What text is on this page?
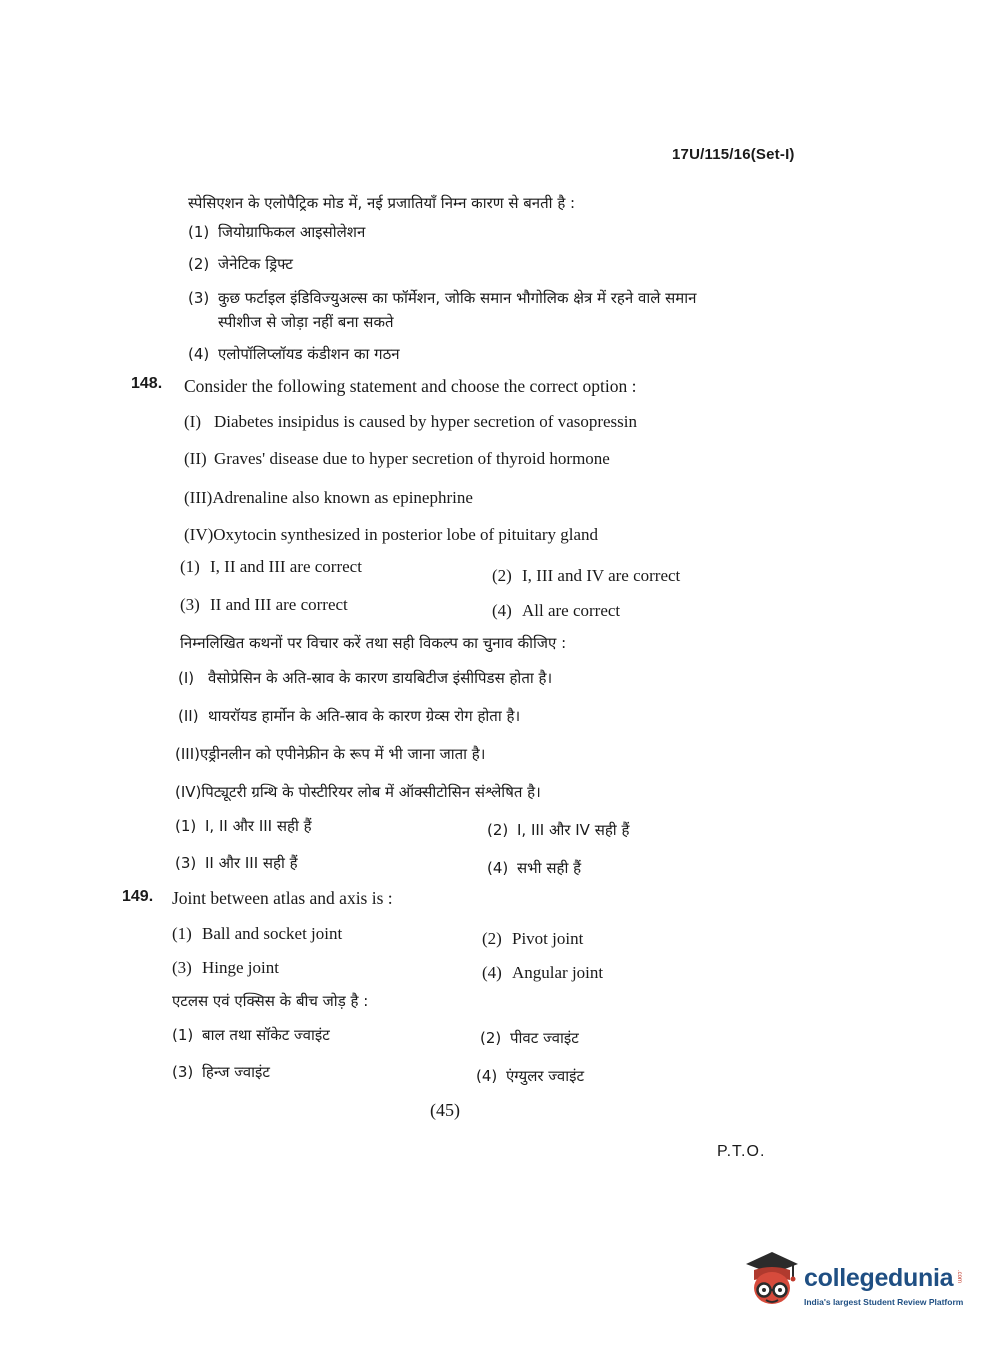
17U/115/16(Set-I)
स्पेसिएशन के एलोपैट्रिक मोड में, नई प्रजातियाँ निम्न कारण से बनती है :
(1) जियोग्राफिकल आइसोलेशन
(2) जेनेटिक ड्रिफ्ट
(3) कुछ फर्टाइल इंडिविज्युअल्स का फॉर्मेशन, जोकि समान भौगोलिक क्षेत्र में रहने वाले समान
स्पीशीज से जोड़ा नहीं बना सकते
(4) एलोपॉलिप्लॉयड कंडीशन का गठन
148. Consider the following statement and choose the correct option :
(I) Diabetes insipidus is caused by hyper secretion of vasopressin
(II) Graves' disease due to hyper secretion of thyroid hormone
(III)Adrenaline also known as epinephrine
(IV)Oxytocin synthesized in posterior lobe of pituitary gland
(1) I, II and III are correct	(2) I, III and IV are correct
(3) II and III are correct	(4) All are correct
निम्नलिखित कथनों पर विचार करें तथा सही विकल्प का चुनाव कीजिए :
(I) वैसोप्रेसिन के अति-स्राव के कारण डायबिटीज इंसीपिडस होता है।
(II) थायरॉयड हार्मोन के अति-स्राव के कारण ग्रेव्स रोग होता है।
(III)एड्रीनलीन को एपीनेफ्रीन के रूप में भी जाना जाता है।
(IV)पिट्यूटरी ग्रन्थि के पोस्टीरियर लोब में ऑक्सीटोसिन संश्लेषित है।
(1) I, II और III सही हैं	(2) I, III और IV सही हैं
(3) II और III सही हैं	(4) सभी सही हैं
149. Joint between atlas and axis is :
(1) Ball and socket joint	(2) Pivot joint
(3) Hinge joint	(4) Angular joint
एटलस एवं एक्सिस के बीच जोड़ है :
(1) बाल तथा सॉकेट ज्वाइंट	(2) पीवट ज्वाइंट
(3) हिन्ज ज्वाइंट	(4) एंग्युलर ज्वाइंट
(45)
P.T.O.
collegedunia .com
India's largest Student Review Platform
